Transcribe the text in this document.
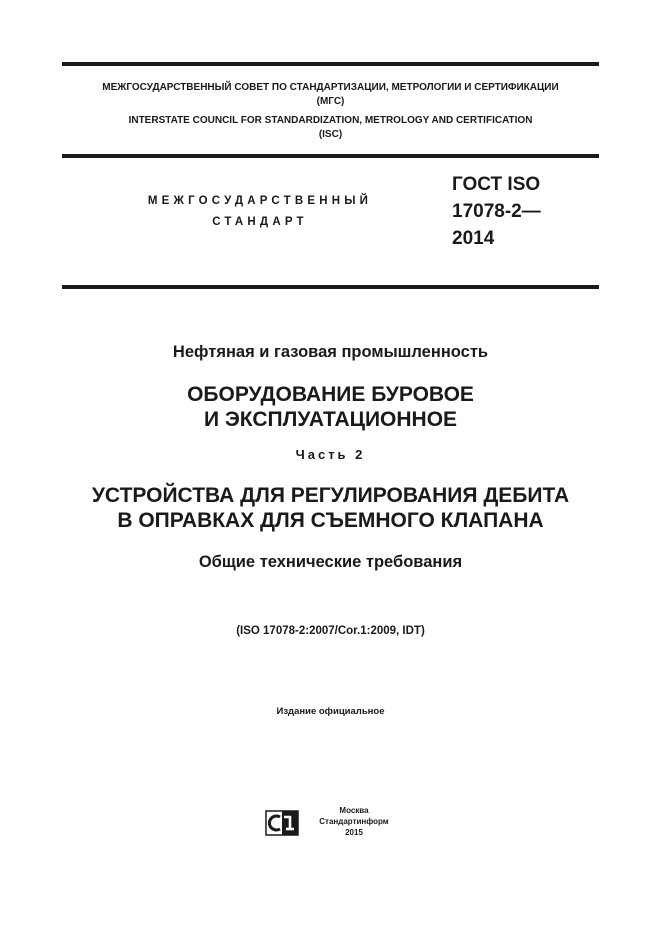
МЕЖГОСУДАРСТВЕННЫЙ СОВЕТ ПО СТАНДАРТИЗАЦИИ, МЕТРОЛОГИИ И СЕРТИФИКАЦИИ
(МГС)
INTERSTATE COUNCIL FOR STANDARDIZATION, METROLOGY AND CERTIFICATION
(ISC)
МЕЖГОСУДАРСТВЕННЫЙ
СТАНДАРТ
ГОСТ ISO
17078-2—
2014
Нефтяная и газовая промышленность
ОБОРУДОВАНИЕ БУРОВОЕ
И ЭКСПЛУАТАЦИОННОЕ
Часть 2
УСТРОЙСТВА ДЛЯ РЕГУЛИРОВАНИЯ ДЕБИТА
В ОПРАВКАХ ДЛЯ СЪЕМНОГО КЛАПАНА
Общие технические требования
(ISO 17078-2:2007/Cor.1:2009, IDT)
Издание официальное
Москва
Стандартинформ
2015
